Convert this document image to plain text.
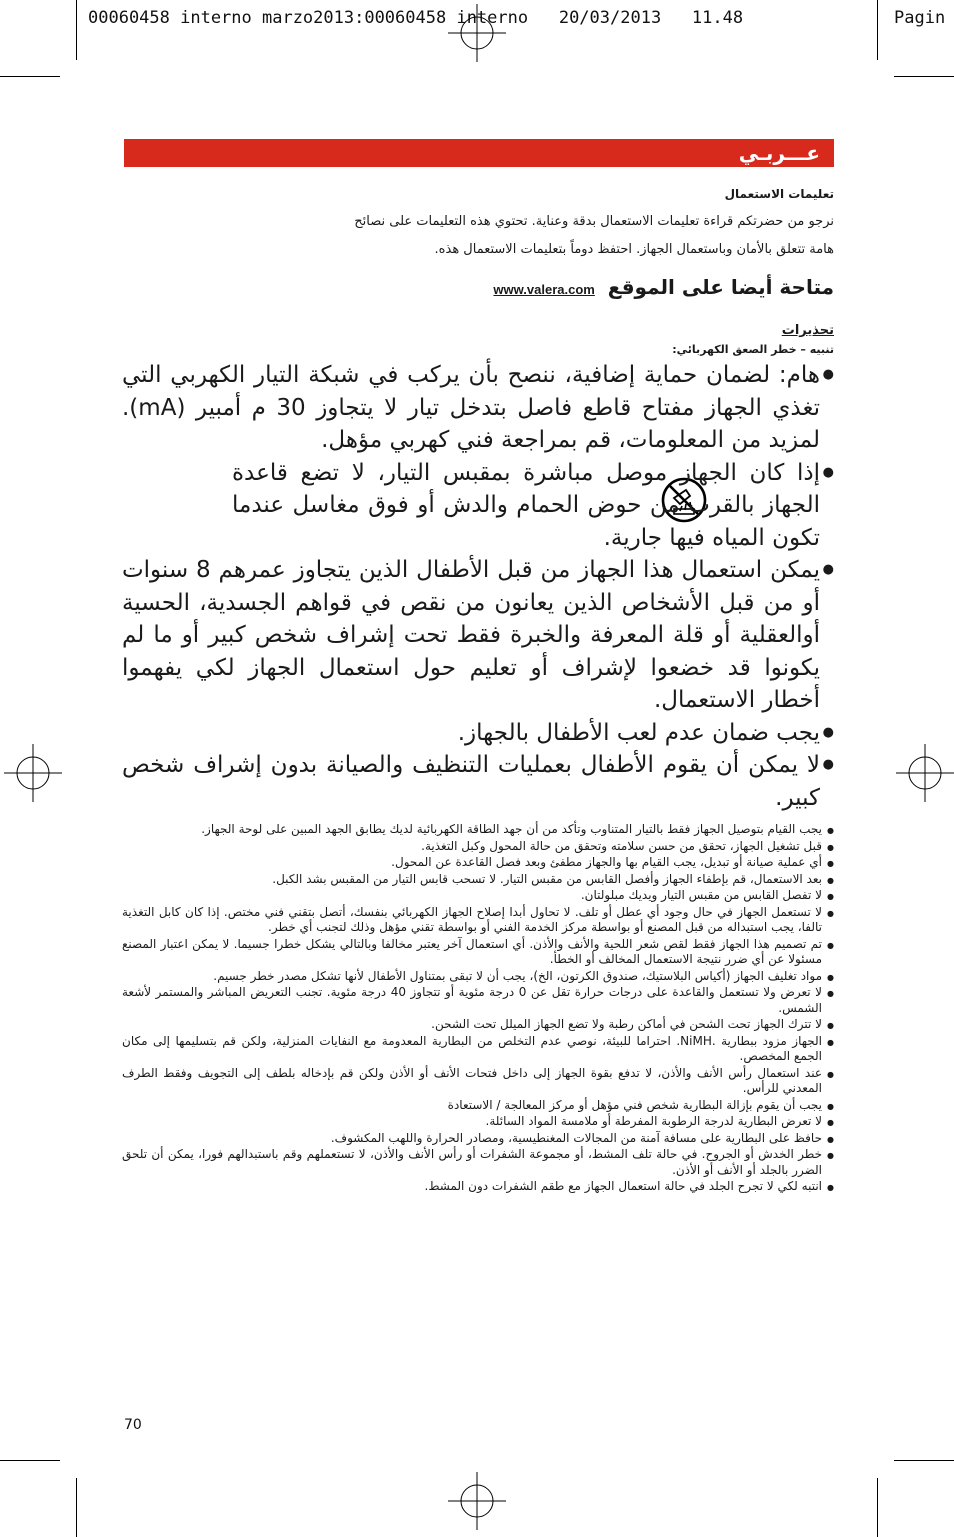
00060458 interno marzo2013:00060458 interno 20/03/2013 11.48	Pagin
عـــربـي
تعليمات الاستعمال

نرجو من حضرتكم قراءة تعليمات الاستعمال بدقة وعناية. تحتوي هذه التعليمات على نصائح

هامة تتعلق بالأمان وباستعمال الجهاز. احتفظ دوماً بتعليمات الاستعمال هذه.

متاحة أيضا على الموقع www.valera.com
تحذيرات
تنبيه – خطر الصعق الكهربائي:
● هام: لضمان حماية إضافية، ننصح بأن يركب في شبكة التيار الكهربي التي تغذي الجهاز مفتاح قاطع فاصل بتدخل تيار لا يتجاوز 30 م أمبير (mA). لمزيد من المعلومات، قم بمراجعة فني كهربي مؤهل.
● إذا كان الجهاز موصل مباشرة بمقبس التيار، لا تضع قاعدة الجهاز بالقرب من حوض الحمام والدش أو فوق مغاسل عندما تكون المياه فيها جارية.
● يمكن استعمال هذا الجهاز من قبل الأطفال الذين يتجاوز عمرهم 8 سنوات أو من قبل الأشخاص الذين يعانون من نقص في قواهم الجسدية، الحسية أوالعقلية أو قلة المعرفة والخبرة فقط تحت إشراف شخص كبير أو ما لم يكونوا قد خضعوا لإشراف أو تعليم حول استعمال الجهاز لكي يفهموا أخطار الاستعمال.
● يجب ضمان عدم لعب الأطفال بالجهاز.
● لا يمكن أن يقوم الأطفال بعمليات التنظيف والصيانة بدون إشراف شخص كبير.
● يجب القيام بتوصيل الجهاز فقط بالتيار المتناوب وتأكد من أن جهد الطاقة الكهربائية لديك يطابق الجهد المبين على لوحة الجهاز.
● قبل تشغيل الجهاز، تحقق من حسن سلامته وتحقق من حالة المحول وكبل التغذية.
● أي عملية صيانة أو تبديل، يجب القيام بها والجهاز مطفئ وبعد فصل القاعدة عن المحول.
● بعد الاستعمال، قم بإطفاء الجهاز وأفصل القابس من مقبس التيار. لا تسحب قابس التيار من المقبس بشد الكبل.
● لا تفصل القابس من مقبس التيار ويديك مبلولتان.
● لا تستعمل الجهاز في حال وجود أي عطل أو تلف. لا تحاول أبدا إصلاح الجهاز الكهربائي بنفسك، أتصل بتقني فني مختص. إذا كان كابل التغذية تالفا، يجب استبداله من قبل المصنع أو بواسطة مركز الخدمة الفني أو بواسطة تقني مؤهل وذلك لتجنب أي خطر.
● تم تصميم هذا الجهاز فقط لقص شعر اللحية والأنف والأذن. أي استعمال آخر يعتبر مخالفا وبالتالي يشكل خطرا جسيما. لا يمكن اعتبار المصنع مسئولا عن أي ضرر نتيجة الاستعمال المخالف أو الخطأ.
● مواد تغليف الجهاز (أكياس البلاستيك، صندوق الكرتون، الخ)، يجب أن لا تبقى بمتناول الأطفال لأنها تشكل مصدر خطر جسيم.
● لا تعرض ولا تستعمل والقاعدة على درجات حرارة تقل عن 0 درجة مئوية أو تتجاوز 40 درجة مئوية. تجنب التعريض المباشر والمستمر لأشعة الشمس.
● لا تترك الجهاز تحت الشحن في أماكن رطبة ولا تضع الجهاز الميلل تحت الشحن.
● الجهاز مزود ببطارية .NiMH. احتراما للبيئة، نوصي عدم التخلص من البطارية المعدومة مع النفايات المنزلية، ولكن قم بتسليمها إلى مكان الجمع المخصص.
● عند استعمال رأس الأنف والأذن، لا تدفع بقوة الجهاز إلى داخل فتحات الأنف أو الأذن ولكن قم بإدخاله بلطف إلى التجويف وفقط الطرف المعدني للرأس.
● يجب أن يقوم بإزالة البطارية شخص فني مؤهل أو مركز المعالجة / الاستعادة
● لا تعرض البطارية لدرجة الرطوبة المفرطة أو ملامسة المواد السائلة.
● حافظ على البطارية على مسافة آمنة من المجالات المغنطيسية، ومصادر الحرارة واللهب المكشوف.
● خطر الخدش أو الجروح. في حالة تلف المشط، أو مجموعة الشفرات أو رأس الأنف والأذن، لا تستعملهم وقم باستبدالهم فورا، يمكن أن تلحق الضرر بالجلد أو الأنف أو الأذن.
● انتبه لكي لا تجرح الجلد في حالة استعمال الجهاز مع طقم الشفرات دون المشط.
70
